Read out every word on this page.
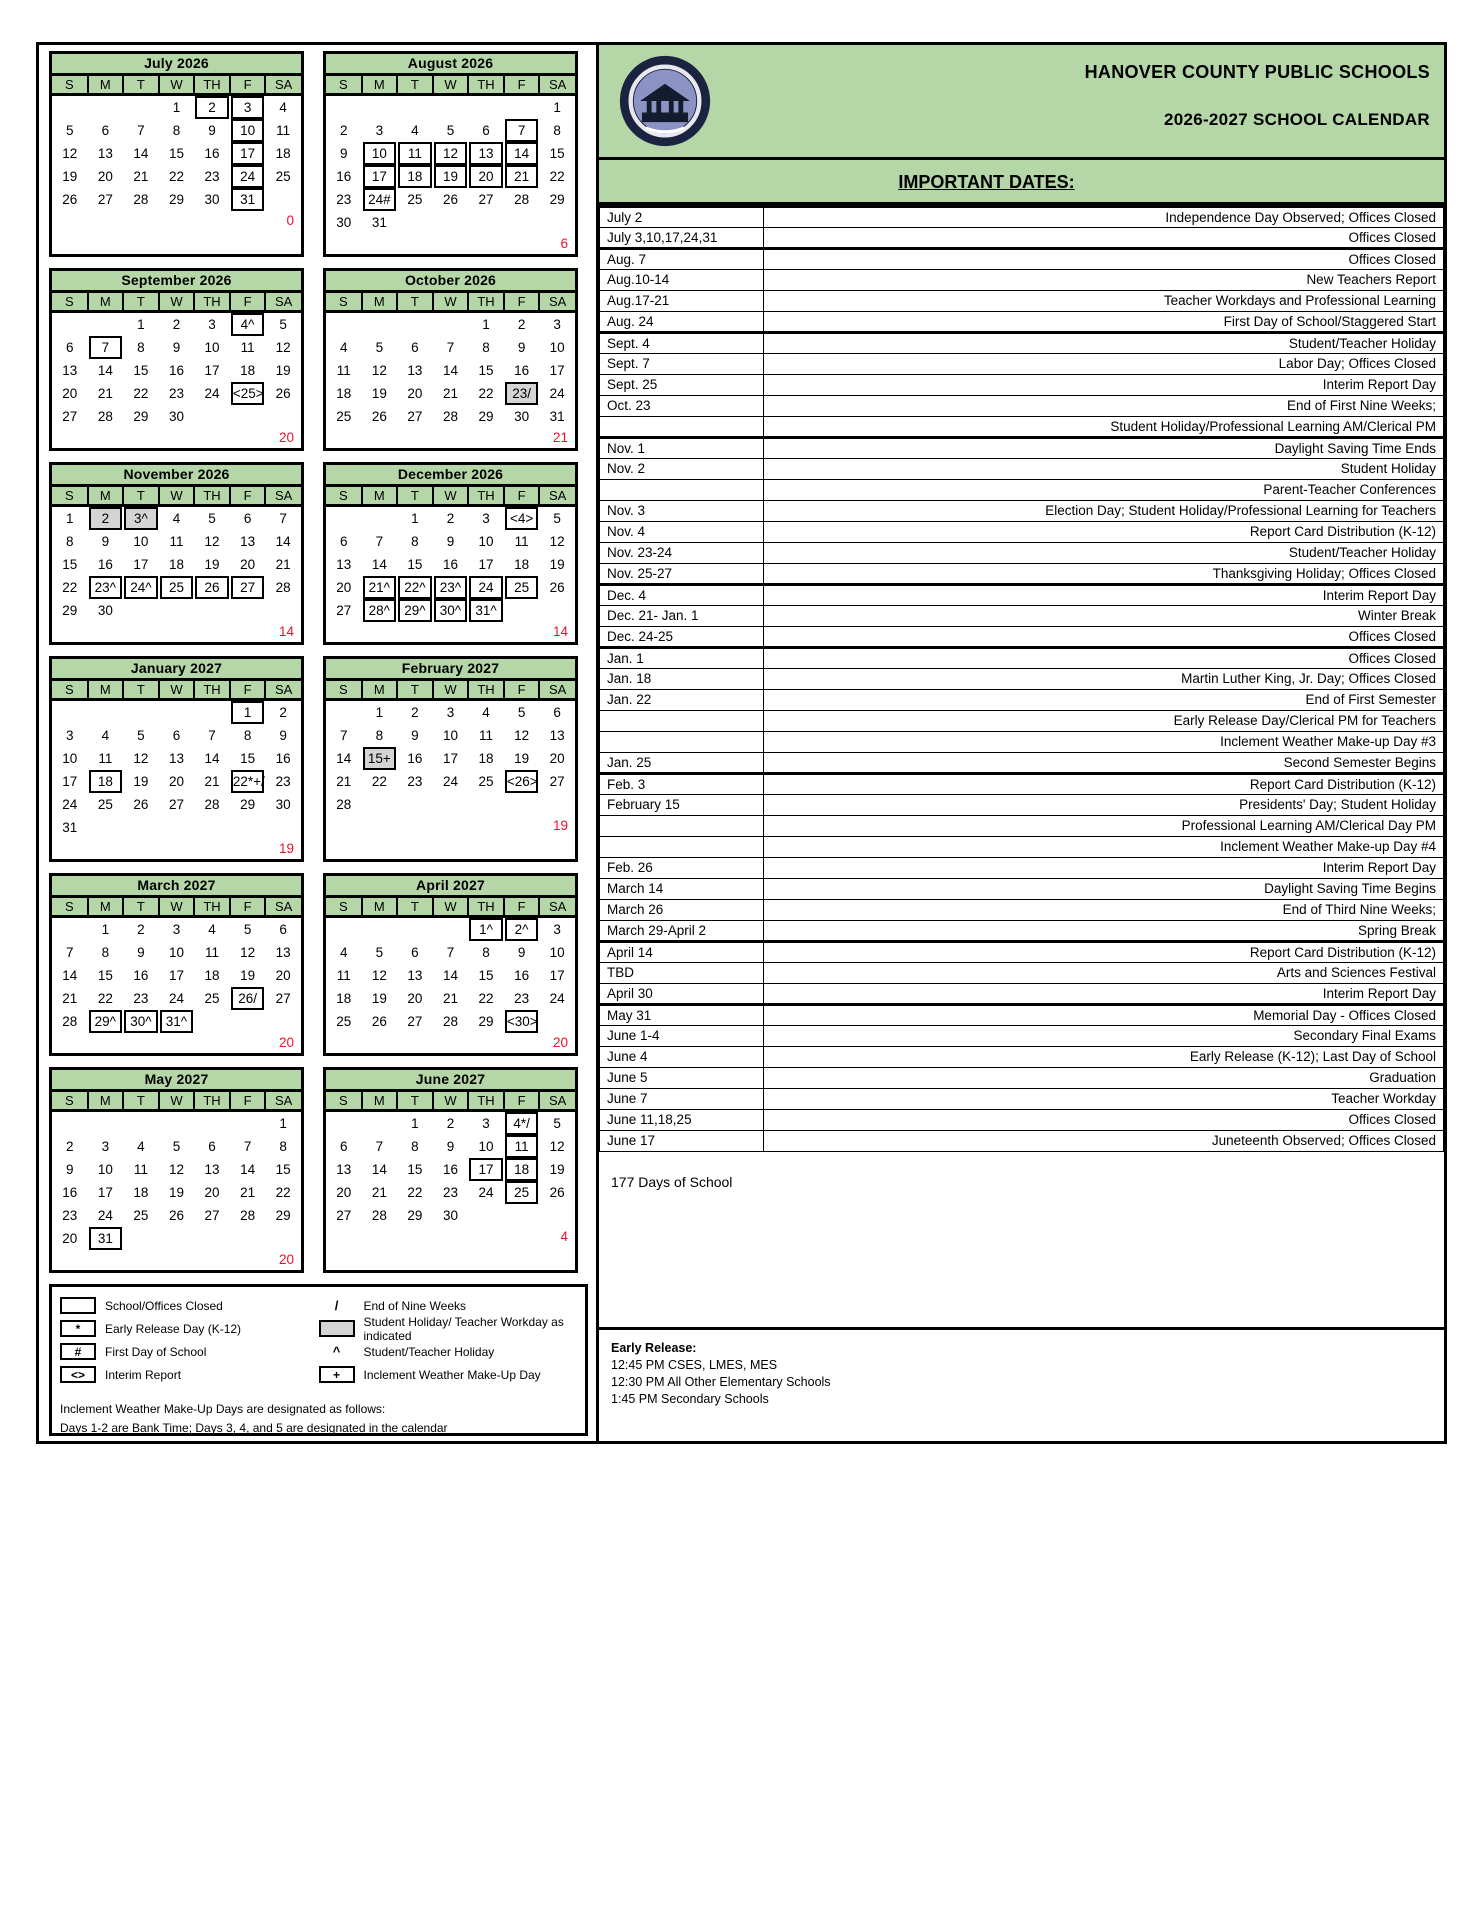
July 2026
S	M	T	W	TH	F	SA

			1	2	3	4

5	6	7	8	9	10	11

12	13	14	15	16	17	18

19	20	21	22	23	24	25

26	27	28	29	30	31	

0
August 2026
S	M	T	W	TH	F	SA

						1

2	3	4	5	6	7	8

9	10	11	12	13	14	15

16	17	18	19	20	21	22

23	24#	25	26	27	28	29

30	31					

6
September 2026
S	M	T	W	TH	F	SA

		1	2	3	4^	5

6	7	8	9	10	11	12

13	14	15	16	17	18	19

20	21	22	23	24	<25>	26

27	28	29	30			

20
October 2026
S	M	T	W	TH	F	SA

				1	2	3

4	5	6	7	8	9	10

11	12	13	14	15	16	17

18	19	20	21	22	23/	24

25	26	27	28	29	30	31
21
November 2026
S	M	T	W	TH	F	SA

1	2	3^	4	5	6	7

8	9	10	11	12	13	14

15	16	17	18	19	20	21

22	23^	24^	25	26	27	28

29	30					

14
December 2026
S	M	T	W	TH	F	SA

		1	2	3	<4>	5

6	7	8	9	10	11	12

13	14	15	16	17	18	19

20	21^	22^	23^	24	25	26

27	28^	29^	30^	31^		

14
January 2027
S	M	T	W	TH	F	SA

					1	2

3	4	5	6	7	8	9

10	11	12	13	14	15	16

17	18	19	20	21	22*+/	23

24	25	26	27	28	29	30

31						

19
February 2027
S	M	T	W	TH	F	SA

	1	2	3	4	5	6

7	8	9	10	11	12	13

14	15+	16	17	18	19	20

21	22	23	24	25	<26>	27

28						

19
March 2027
S	M	T	W	TH	F	SA

	1	2	3	4	5	6

7	8	9	10	11	12	13

14	15	16	17	18	19	20

21	22	23	24	25	26/	27

28	29^	30^	31^			

20
April 2027
S	M	T	W	TH	F	SA

				1^	2^	3

4	5	6	7	8	9	10

11	12	13	14	15	16	17

18	19	20	21	22	23	24

25	26	27	28	29	<30>	

20
May 2027
S	M	T	W	TH	F	SA

						1

2	3	4	5	6	7	8

9	10	11	12	13	14	15

16	17	18	19	20	21	22

23	24	25	26	27	28	29

20	31					

20
June 2027
S	M	T	W	TH	F	SA

		1	2	3	4*/	5

6	7	8	9	10	11	12

13	14	15	16	17	18	19

20	21	22	23	24	25	26

27	28	29	30			

4
School/Offices Closed
*	Early Release Day (K-12)
#	First Day of School
<>	Interim Report
/	End of Nine Weeks
Student Holiday/ Teacher Workday as indicated
^	Student/Teacher Holiday
+	Inclement Weather Make-Up Day
Inclement Weather Make-Up Days are designated as follows:
Days 1-2 are Bank Time; Days 3, 4, and 5 are designated in the calendar
HANOVER COUNTY PUBLIC SCHOOLS
2026-2027 SCHOOL CALENDAR
IMPORTANT DATES:
July 2	Independence Day Observed; Offices Closed
July 3,10,17,24,31	Offices Closed
Aug. 7	Offices Closed
Aug.10-14	New Teachers Report
Aug.17-21	Teacher Workdays and Professional Learning
Aug. 24	First Day of School/Staggered Start
Sept. 4	Student/Teacher Holiday
Sept. 7	Labor Day; Offices Closed
Sept. 25	Interim Report Day
Oct. 23	End of First Nine Weeks;
	Student Holiday/Professional Learning AM/Clerical PM
Nov. 1	Daylight Saving Time Ends
Nov. 2	Student Holiday
	Parent-Teacher Conferences
Nov. 3	Election Day; Student Holiday/Professional Learning for Teachers
Nov. 4	Report Card Distribution (K-12)
Nov. 23-24	Student/Teacher Holiday
Nov. 25-27	Thanksgiving Holiday; Offices Closed
Dec. 4	Interim Report Day
Dec. 21- Jan. 1	Winter Break
Dec. 24-25	Offices Closed
Jan. 1	Offices Closed
Jan. 18	Martin Luther King, Jr. Day; Offices Closed
Jan. 22	End of First Semester
	Early Release Day/Clerical PM for Teachers
	Inclement Weather Make-up Day #3
Jan. 25	Second Semester Begins
Feb. 3	Report Card Distribution (K-12)
February 15	Presidents' Day; Student Holiday
	Professional Learning AM/Clerical Day PM
	Inclement Weather Make-up Day #4
Feb. 26	Interim Report Day
March 14	Daylight Saving Time Begins
March 26	End of Third Nine Weeks;
March 29-April 2	Spring Break
April 14	Report Card Distribution (K-12)
TBD	Arts and Sciences Festival
April 30	Interim Report Day
May 31	Memorial Day - Offices Closed
June 1-4	Secondary Final Exams
June 4	Early Release (K-12); Last Day of School
June 5	Graduation
June 7	Teacher Workday
June 11,18,25	Offices Closed
June 17	Juneteenth Observed; Offices Closed
177 Days of School
Early Release:
12:45 PM CSES, LMES, MES
12:30 PM All Other Elementary Schools
1:45 PM Secondary Schools
